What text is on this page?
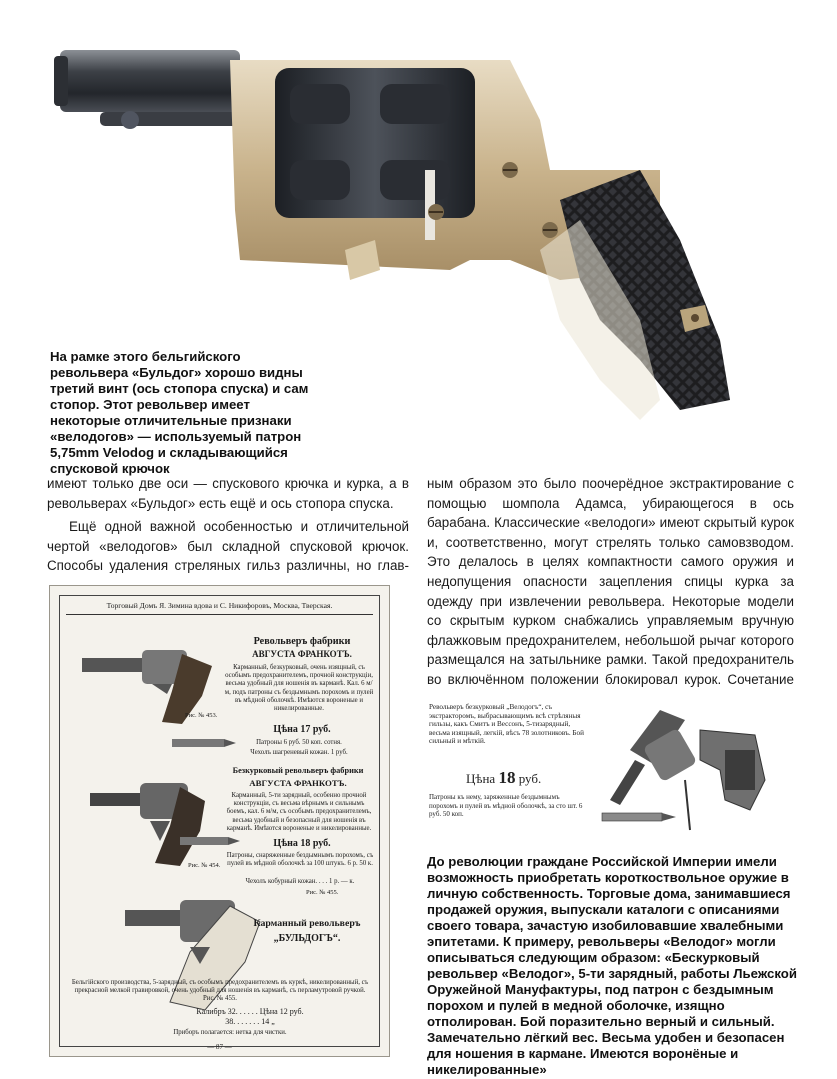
На рамке этого бельгийского револьвера «Бульдог» хорошо видны третий винт (ось стопора спуска) и сам стопор. Этот револьвер имеет некоторые отличительные признаки «велодогов» — используемый патрон 5,75mm Velodog и складывающийся спусковой крючок

имеют только две оси — спускового крючка и курка, а в револьверах «Бульдог» есть ещё и ось стопора спуска.

Ещё одной важной особенностью и отличительной чертой «велодогов» был складной спусковой крючок. Способы удаления стреляных гильз различны, но глав-

ным образом это было поочерёдное экстрактирование с помощью шомпола Адамса, убирающегося в ось барабана. Классические «велодоги» имеют скрытый курок и, соответственно, могут стрелять только самовзводом. Это делалось в целях компактности самого оружия и недопущения опасности зацепления спицы курка за одежду при извлечении револьвера. Некоторые модели со скрытым курком снабжались управляемым вручную флажковым предохранителем, небольшой рычаг которого размещался на затыльнике рамки. Такой предохранитель во включённом положении блокировал курок. Сочетание

Торговый Домъ Я. Зимина вдова и С. Никифоровъ, Москва, Тверская.
Револьверъ фабрики
АВГУСТА ФРАНКОТЪ.
Карманный, безкурковый, очень изящный, съ особымъ предохранителемъ, прочной конструкціи, весьма удобный для ношенія въ карманѣ. Кал. 6 м/м, подъ патроны съ бездымнымъ порохомъ и пулей въ мѣдной оболочкѣ. Имѣются вороненые и никелированные.
Рис. № 453.
Цѣна 17 руб.
Патроны 6 руб. 50 коп. сотня.
Чехолъ шагреневый кожан. 1 руб.
Безкурковый револьверъ фабрики
АВГУСТА ФРАНКОТЪ.
Карманный, 5-ти зарядный, особенно прочной конструкціи, съ весьма вѣрнымъ и сильнымъ боемъ, кал. 6 м/м, съ особымъ предохранителемъ, весьма удобный и безопасный для ношенія въ карманѣ. Имѣются вороненые и никелированные.
Цѣна 18 руб.
Патроны, снаряженные бездымнымъ порохомъ, съ пулей въ мѣдной оболочкѣ за 100 штукъ. 6 р. 50 к.
Чехолъ кобурный кожан. . . . 1 р. — к.
Рис. № 454.
Рис. № 455.
Карманный револьверъ
„БУЛЬДОГЪ“.
Бельгійского производства, 5-зарядный, съ особымъ предохранителемъ въ куркѣ, никелированный, съ прекрасной мелкой гравировкой, очень удобный для ношенія въ карманѣ, съ перламутровой ручкой. Рис. № 455.
Калибръ 32. . . . . . Цѣна 12 руб.
38. . . . . . . 14 „
Приборъ полагается: нетка для чистки.
— 87 —
Револьверъ безкурковый „Велодогъ“, съ экстракторомъ, выбрасывающимъ всѣ стрѣляныя гильзы, какъ Смитъ и Вессонъ, 5-тизарядный, весьма изящный, легкій, вѣсъ 78 золотниковъ. Бой сильный и мѣткій.
Цѣна 18 руб.
Патроны къ нему, заряженные бездымнымъ порохомъ и пулей въ мѣдной оболочкѣ, за сто шт. 6 руб. 50 коп.
До революции граждане Российской Империи имели возможность приобретать короткоствольное оружие в личную собственность. Торговые дома, занимавшиеся продажей оружия, выпускали каталоги с описаниями своего товара, зачастую изобиловавшие хвалебными эпитетами. К примеру, револьверы «Велодог» могли описываться следующим образом: «Бескурковый револьвер «Велодог», 5-ти зарядный, работы Льежской Оружейной Мануфактуры, под патрон с бездымным порохом и пулей в медной оболочке, изящно отполирован. Бой поразительно верный и сильный. Замечательно лёгкий вес. Весьма удобен и безопасен для ношения в кармане. Имеются воронёные и никелированные»
